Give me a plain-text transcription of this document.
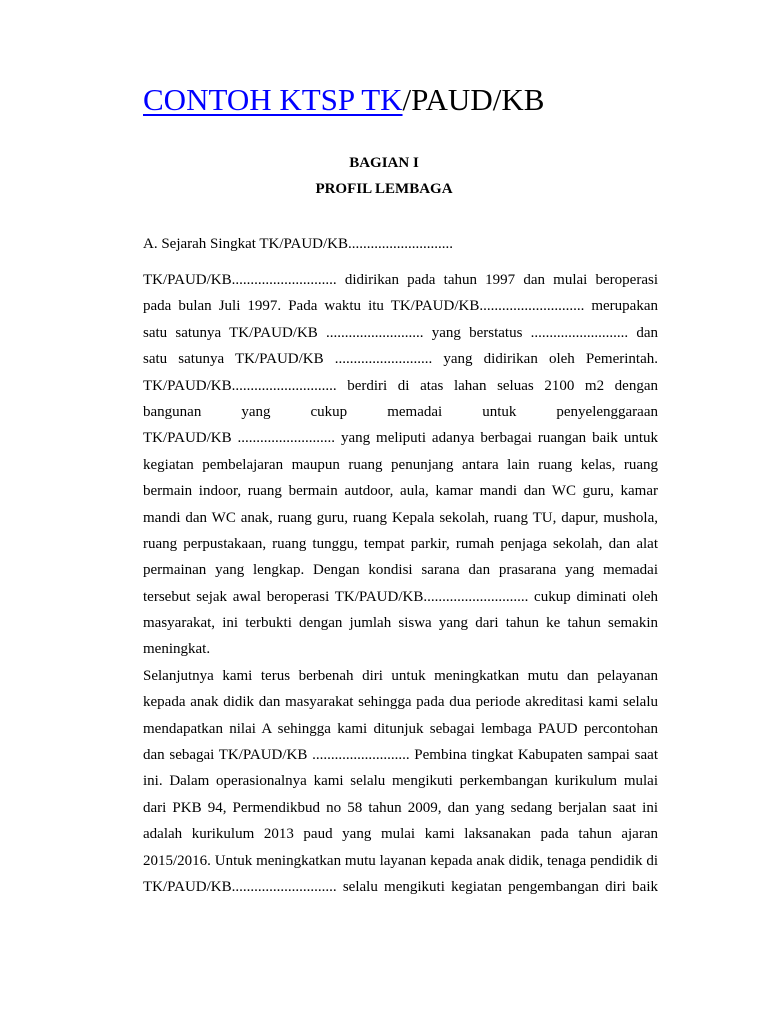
CONTOH KTSP TK/PAUD/KB

BAGIAN I

PROFIL LEMBAGA

A. Sejarah Singkat TK/PAUD/KB............................

TK/PAUD/KB............................ didirikan pada tahun 1997 dan mulai beroperasi
pada bulan Juli 1997. Pada waktu itu TK/PAUD/KB............................ merupakan
satu satunya TK/PAUD/KB .......................... yang berstatus .......................... dan
satu satunya TK/PAUD/KB .......................... yang didirikan oleh Pemerintah.
TK/PAUD/KB............................ berdiri di atas lahan seluas 2100 m2 dengan
bangunan yang cukup memadai untuk penyelenggaraan
TK/PAUD/KB .......................... yang meliputi adanya berbagai ruangan baik untuk
kegiatan pembelajaran maupun ruang penunjang antara lain ruang kelas, ruang
bermain indoor, ruang bermain autdoor, aula, kamar mandi dan WC guru, kamar
mandi dan WC anak, ruang guru, ruang Kepala sekolah, ruang TU, dapur, mushola,
ruang perpustakaan, ruang tunggu, tempat parkir, rumah penjaga sekolah, dan alat
permainan yang lengkap. Dengan kondisi sarana dan prasarana yang memadai
tersebut sejak awal beroperasi TK/PAUD/KB............................ cukup diminati oleh
masyarakat, ini terbukti dengan jumlah siswa yang dari tahun ke tahun semakin
meningkat.
Selanjutnya kami terus berbenah diri untuk meningkatkan mutu dan pelayanan
kepada anak didik dan masyarakat sehingga pada dua periode akreditasi kami selalu
mendapatkan nilai A sehingga kami ditunjuk sebagai lembaga PAUD percontohan
dan sebagai TK/PAUD/KB .......................... Pembina tingkat Kabupaten sampai saat
ini. Dalam operasionalnya kami selalu mengikuti perkembangan kurikulum mulai
dari PKB 94, Permendikbud no 58 tahun 2009, dan yang sedang berjalan saat ini
adalah kurikulum 2013 paud yang mulai kami laksanakan pada tahun ajaran
2015/2016. Untuk meningkatkan mutu layanan kepada anak didik, tenaga pendidik di
TK/PAUD/KB............................ selalu mengikuti kegiatan pengembangan diri baik
